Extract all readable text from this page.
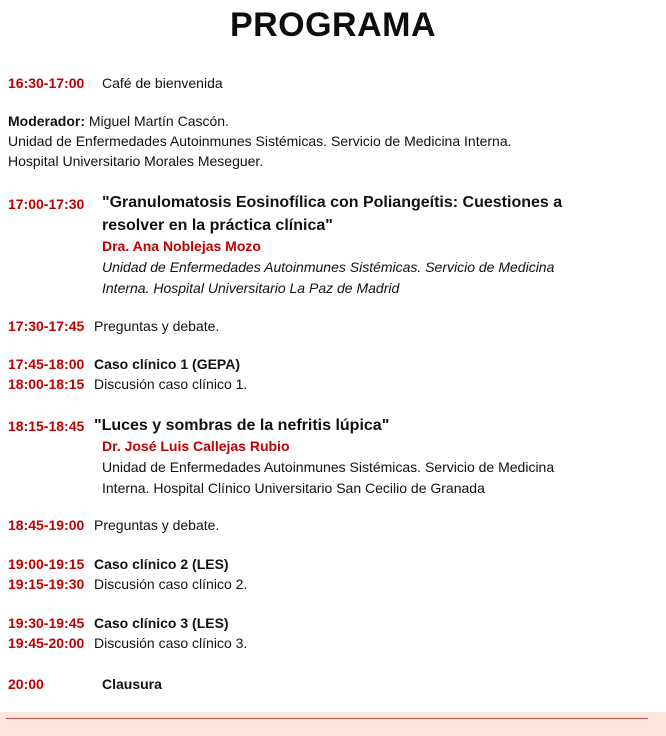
PROGRAMA
16:30-17:00 Café de bienvenida
Moderador: Miguel Martín Cascón.
Unidad de Enfermedades Autoinmunes Sistémicas. Servicio de Medicina Interna.
Hospital Universitario Morales Meseguer.
17:00-17:30 "Granulomatosis Eosinofílica con Poliangeítis: Cuestiones a
resolver en la práctica clínica"
Dra. Ana Noblejas Mozo
Unidad de Enfermedades Autoinmunes Sistémicas. Servicio de Medicina
Interna. Hospital Universitario La Paz de Madrid
17:30-17:45 Preguntas y debate.
17:45-18:00 Caso clínico 1 (GEPA)
18:00-18:15 Discusión caso clínico 1.
18:15-18:45 "Luces y sombras de la nefritis lúpica"
Dr. José Luis Callejas Rubio
Unidad de Enfermedades Autoinmunes Sistémicas. Servicio de Medicina
Interna. Hospital Clínico Universitario San Cecilio de Granada
18:45-19:00 Preguntas y debate.
19:00-19:15 Caso clínico 2 (LES)
19:15-19:30 Discusión caso clínico 2.
19:30-19:45 Caso clínico 3 (LES)
19:45-20:00 Discusión caso clínico 3.
20:00	Clausura
